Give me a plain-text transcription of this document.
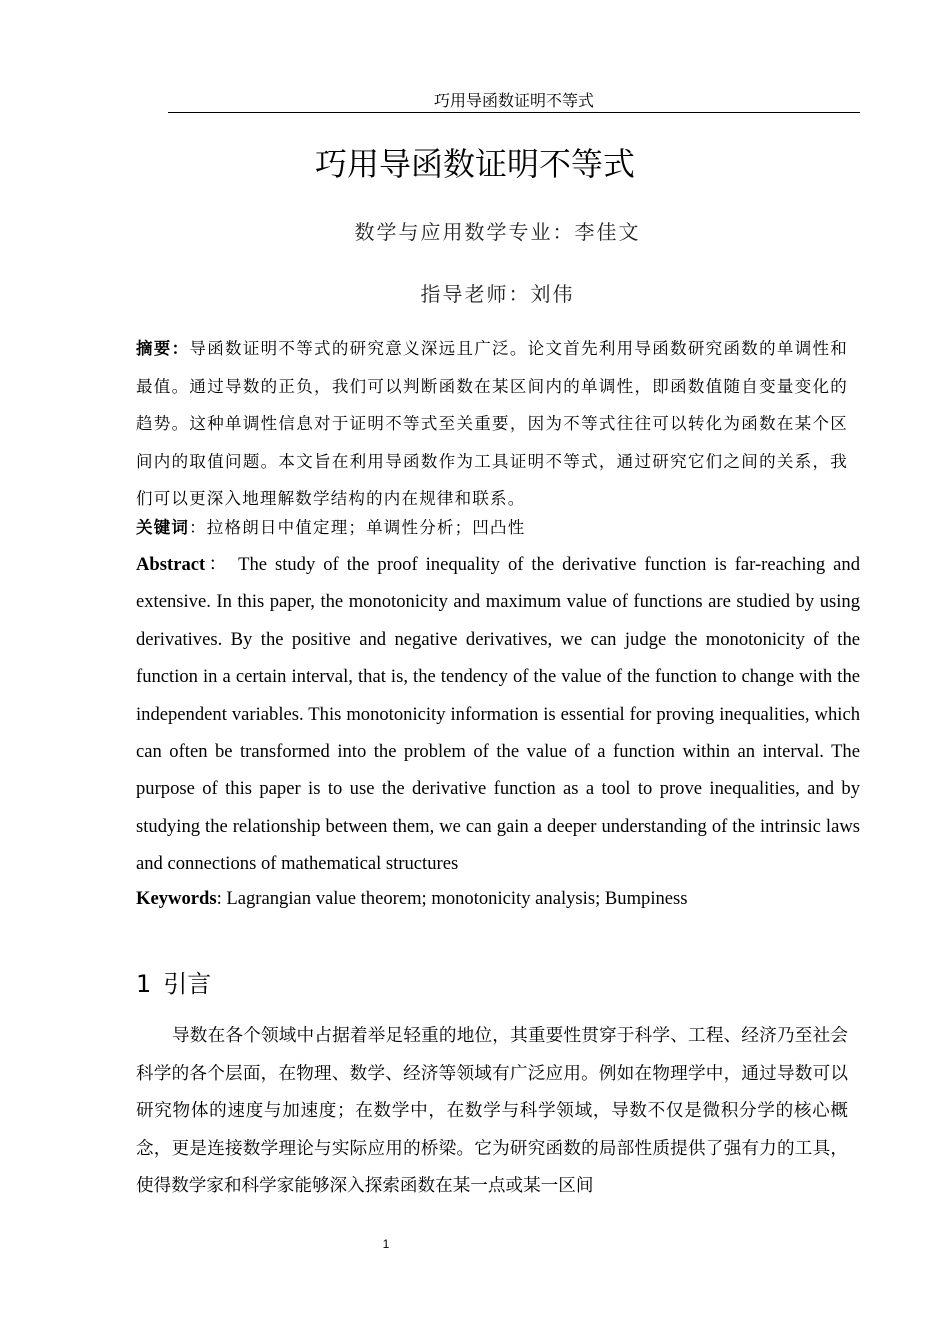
巧用导函数证明不等式
巧用导函数证明不等式
数学与应用数学专业：李佳文
指导老师：刘伟
摘要：导函数证明不等式的研究意义深远且广泛。论文首先利用导函数研究函数的单调性和最值。通过导数的正负，我们可以判断函数在某区间内的单调性，即函数值随自变量变化的趋势。这种单调性信息对于证明不等式至关重要，因为不等式往往可以转化为函数在某个区间内的取值问题。本文旨在利用导函数作为工具证明不等式，通过研究它们之间的关系，我们可以更深入地理解数学结构的内在规律和联系。
关键词：拉格朗日中值定理；单调性分析；凹凸性
Abstract： The study of the proof inequality of the derivative function is far-reaching and extensive. In this paper, the monotonicity and maximum value of functions are studied by using derivatives. By the positive and negative derivatives, we can judge the monotonicity of the function in a certain interval, that is, the tendency of the value of the function to change with the independent variables. This monotonicity information is essential for proving inequalities, which can often be transformed into the problem of the value of a function within an interval. The purpose of this paper is to use the derivative function as a tool to prove inequalities, and by studying the relationship between them, we can gain a deeper understanding of the intrinsic laws and connections of mathematical structures
Keywords: Lagrangian value theorem; monotonicity analysis; Bumpiness
1 引言
导数在各个领域中占据着举足轻重的地位，其重要性贯穿于科学、工程、经济乃至社会科学的各个层面，在物理、数学、经济等领域有广泛应用。例如在物理学中，通过导数可以研究物体的速度与加速度；在数学中，在数学与科学领域，导数不仅是微积分学的核心概念，更是连接数学理论与实际应用的桥梁。它为研究函数的局部性质提供了强有力的工具，使得数学家和科学家能够深入探索函数在某一点或某一区间
1
